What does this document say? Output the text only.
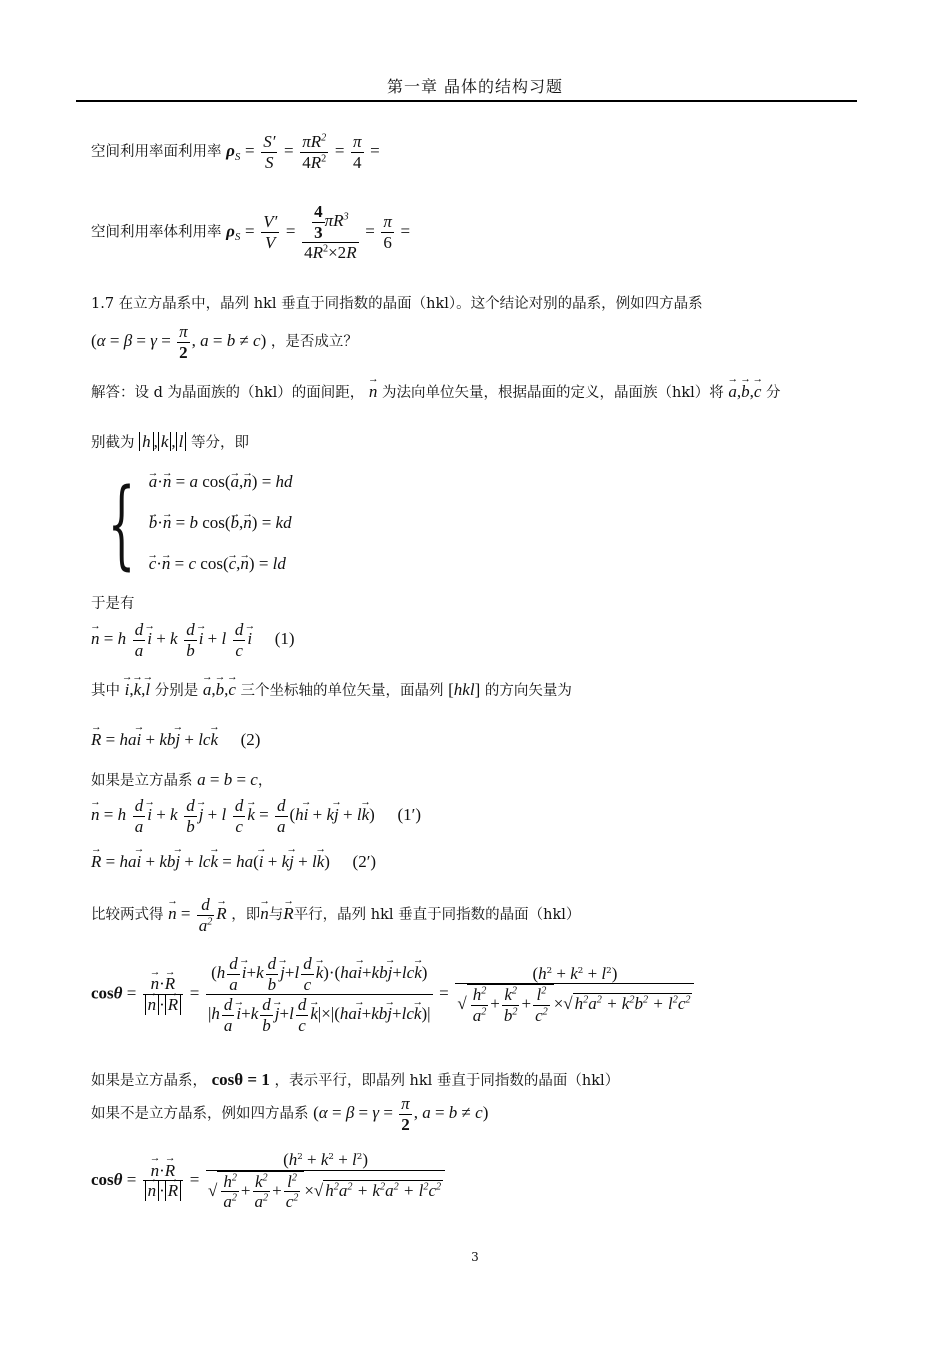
第一章 晶体的结构习题
空间利用率面利用率 $\rho_S = \frac{S'}{S} = \frac{\pi R^2}{4R^2} = \frac{\pi}{4}$ =
空间利用率体利用率 $\rho_S = \frac{V'}{V} = \frac{\frac{4}{3} \pi R^3}{4R^2\times 2R} = \frac{\pi}{6}$ =
1.7 在立方晶系中，晶列 hkl 垂直于同指数的晶面（hkl）。这个结论对别的晶系，例如四方晶系
($\alpha = \beta = \gamma = \frac{\pi}{2}$ , a = b ≠ c) ，是否成立？
解答：设 d 为晶面族的（hkl）的面间距， → n 为法向单位矢量，根据晶面的定义，晶面族（hkl）将 → a,→ b,→ c 分
别截为 h , k , l 等分，即
{
→ a·→ n = a cos(→ a,→ n) = hd
→ b·→ n = b cos(→ b,→ n) = kd
→ c·→ n = c cos(→ c,→ n) = ld
于是有
→ n = h $\frac{d}{a}$
→ i + k $\frac{d}{b}$
→ i + l $\frac{d}{c}$
→ i (1)
其中 → i,→ k,→ l 分别是 → a,→ b,→ c 三个坐标轴的单位矢量，面晶列 [hkl] 的方向矢量为
→ R = ha→ i + kb→ j + lc→ k (2)
如果是立方晶系 a = b = c，
→ n = h $\frac{d}{a}$
→ i + k $\frac{d}{b}$
→ j + l $\frac{d}{c}$
→ $k = \frac{d}{a} (h\to i + k\to j + l\to k)$ (1′)
→ R = ha→ i + kb→ j + lc→ k = ha(→ i + k→ j + l→ k) (2′)
比较两式得 → $n = \frac{d}{a^2}$
→ R ，即→ n与→ R平行，晶列 hkl 垂直于同指数的晶面（hkl）
cosθ =
→ n·→ R
→ $n \cdot\to R = (h \frac{d}{a}$
→ $i+k \frac{d}{b}$
→ $j+l \frac{d}{c}$
→ k)·(ha→ i+kb→ j+lc→ k)
$|h \frac{d}{a}$
→ $i+k \frac{d}{b}$
→ $j+l \frac{d}{c}$
→ $k|\times|(ha\to i+kb\to j+lc\to k)| = \frac{(h^2 + k^2 + l^2)}{√ \frac{h^2}{a^2} + \frac{k^2}{b^2} + \frac{l^2}{c^2} \times√ h^2a^2 + k^2b^2 + l^2c^2}$
如果是立方晶系， cosθ = 1 ，表示平行，即晶列 hkl 垂直于同指数的晶面（hkl）
如果不是立方晶系，例如四方晶系 ($\alpha = \beta = \gamma = \frac{\pi}{2}$ , a = b ≠ c)
cosθ =
→ n·→ R
→ $n \cdot\to R = \frac{(h^2 + k^2 + l^2)}{√ \frac{h^2}{a^2} + \frac{k^2}{a^2} + \frac{l^2}{c^2} \times√ h^2a^2 + k^2a^2 + l^2c^2}$
3
